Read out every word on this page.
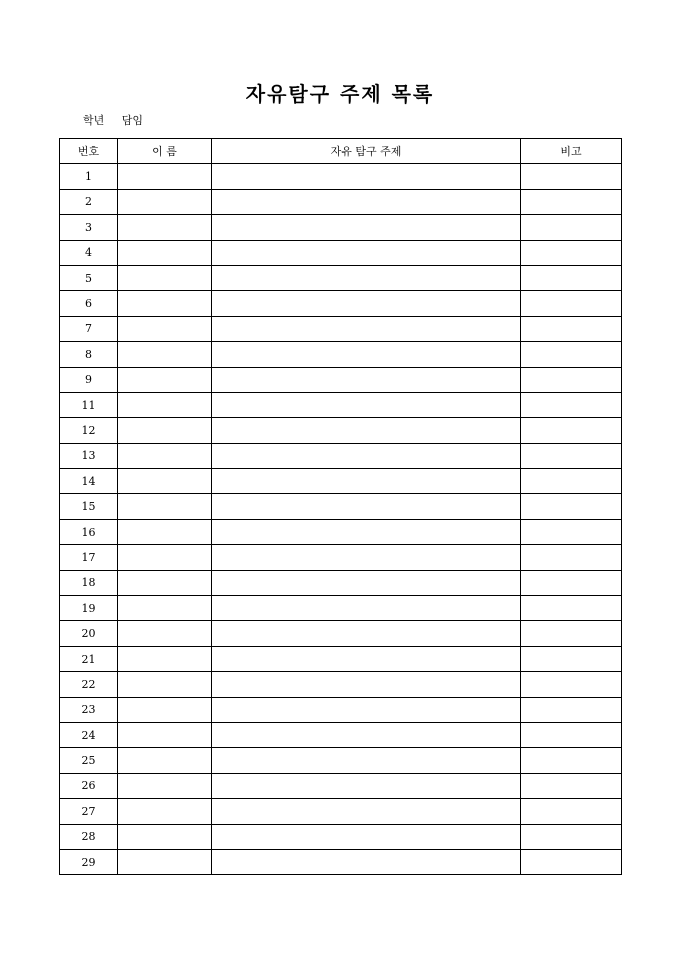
자유탐구 주제 목록
학년 담임
번호	이 름	자유 탐구 주제	비고
1			
2			
3			
4			
5			
6			
7			
8			
9			
11			
12			
13			
14			
15			
16			
17			
18			
19			
20			
21			
22			
23			
24			
25			
26			
27			
28			
29			
